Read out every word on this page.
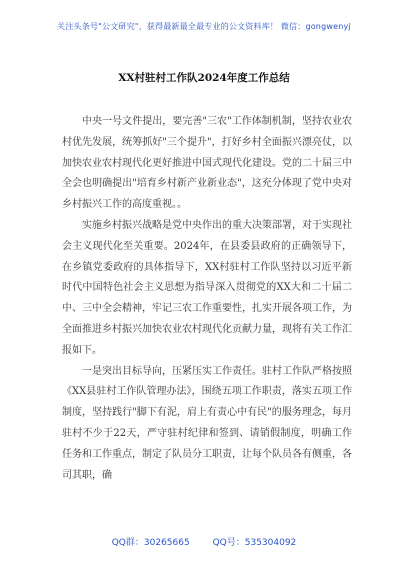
关注头条号"公文研究"，获得最新最全最专业的公文资料库！ 微信：gongwenyj
XX村驻村工作队2024年度工作总结

　　中央一号文件提出，要完善"三农"工作体制机制，坚持农业农村优先发展，统筹抓好"三个提升"，打好乡村全面振兴漂亮仗，以加快农业农村现代化更好推进中国式现代化建设。党的二十届三中全会也明确提出"培育乡村新产业新业态"，这充分体现了党中央对乡村振兴工作的高度重视。。

　　实施乡村振兴战略是党中央作出的重大决策部署，对于实现社会主义现代化至关重要。2024年，在县委县政府的正确领导下，在乡镇党委政府的具体指导下，XX村驻村工作队坚持以习近平新时代中国特色社会主义思想为指导深入贯彻党的XX大和二十届二中、三中全会精神，牢记三农工作重要性，扎实开展各项工作，为全面推进乡村振兴加快农业农村现代化贡献力量，现将有关工作汇报如下。

　　一是突出目标导向，压紧压实工作责任。驻村工作队严格按照《XX县驻村工作队管理办法》，围绕五项工作职责，落实五项工作制度，坚持践行"脚下有泥，肩上有责心中有民"的服务理念，每月驻村不少于22天，严守驻村纪律和签到、请销假制度，明确工作任务和工作重点，制定了队员分工职责，让每个队员各有侧重，各司其职，确

QQ群：30265665	QQ号：535304092
